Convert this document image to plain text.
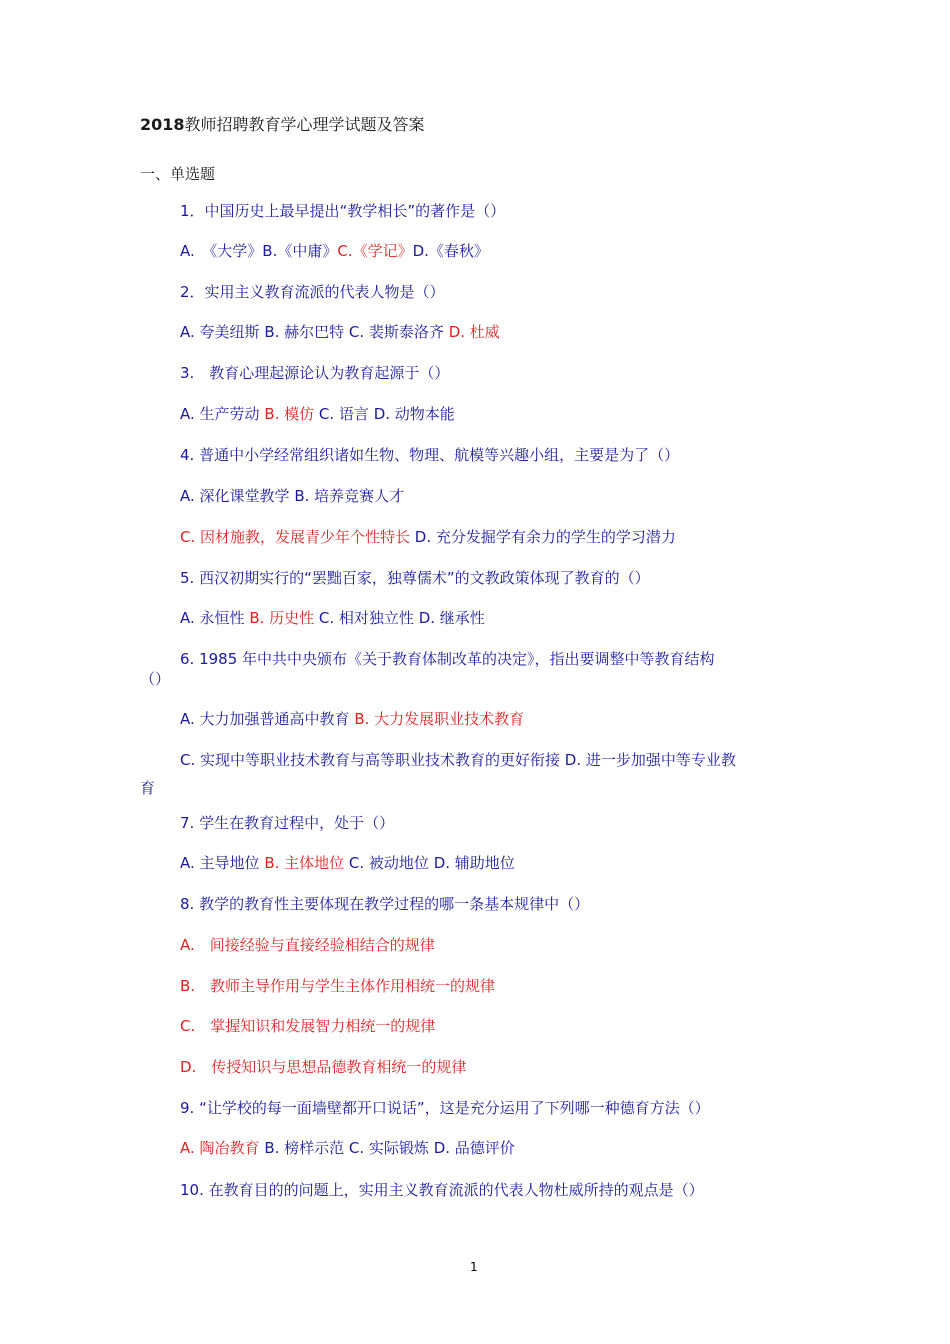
2018教师招聘教育学心理学试题及答案
一、单选题
1．中国历史上最早提出“教学相长”的著作是（）
A.　《大学》B.《中庸》C.《学记》D.《春秋》
2．实用主义教育流派的代表人物是（）
A. 夸美纽斯 B. 赫尔巴特 C. 裴斯泰洛齐 D. 杜威
3.　教育心理起源论认为教育起源于（）
A. 生产劳动 B. 模仿 C. 语言 D. 动物本能
4. 普通中小学经常组织诸如生物、物理、航模等兴趣小组，主要是为了（）
A. 深化课堂教学 B. 培养竞赛人才
C. 因材施教，发展青少年个性特长 D. 充分发掘学有余力的学生的学习潜力
5. 西汉初期实行的“罢黜百家，独尊儒术”的文教政策体现了教育的（）
A. 永恒性 B. 历史性 C. 相对独立性 D. 继承性
6. 1985 年中共中央颁布《关于教育体制改革的决定》，指出要调整中等教育结构
（）
A. 大力加强普通高中教育 B. 大力发展职业技术教育
C. 实现中等职业技术教育与高等职业技术教育的更好衔接 D. 进一步加强中等专业教
育
7. 学生在教育过程中，处于（）
A. 主导地位 B. 主体地位 C. 被动地位 D. 辅助地位
8. 教学的教育性主要体现在教学过程的哪一条基本规律中（）
A.　间接经验与直接经验相结合的规律
B.　教师主导作用与学生主体作用相统一的规律
C.　掌握知识和发展智力相统一的规律
D.　传授知识与思想品德教育相统一的规律
9. “让学校的每一面墙壁都开口说话”，这是充分运用了下列哪一种德育方法（）
A. 陶冶教育 B. 榜样示范 C. 实际锻炼 D. 品德评价
10. 在教育目的的问题上，实用主义教育流派的代表人物杜威所持的观点是（）
1
